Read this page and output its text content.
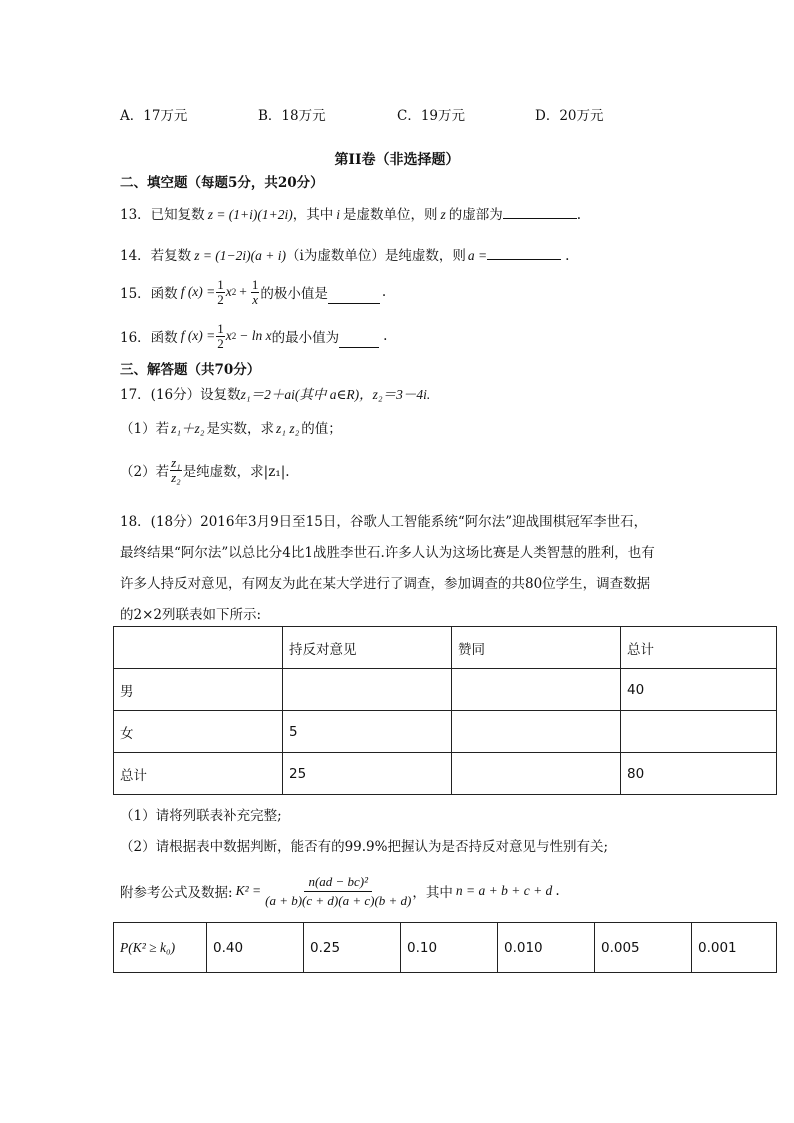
A．17万元	B．18万元	C．19万元	D．20万元
第II卷（非选择题）
二、填空题（每题5分，共20分）
13．已知复数 z = (1+i)(1+2i)，其中 i 是虚数单位，则 z 的虚部为	.
14．若复数 z = (1−2i)(a + i)（i为虚数单位）是纯虚数，则 a =	.
15．函数 f $(x) = \frac{1}{2}$ x $2 + \frac{1}{x}$ 的极小值是	.
16．函数 f $(x) = \frac{1}{2}$ x 2 − ln x 的最小值为	.
三、解答题（共70分）
17．(16分）设复数z₁＝2＋ai(其中 a∈R)，z₂＝3－4i.
（1）若 z₁＋z₂ 是实数，求 z₁ z₂ 的值；
（2）若 $\frac{\text{z₁}}{\text{z₂}}$ 是纯虚数，求|z₁|.
18．(18分）2016年3月9日至15日，谷歌人工智能系统“阿尔法”迎战围棋冠军李世石，
最终结果“阿尔法”以总比分4比1战胜李世石.许多人认为这场比赛是人类智慧的胜利，也有
许多人持反对意见，有网友为此在某大学进行了调查，参加调查的共80位学生，调查数据
的2×2列联表如下所示:
	持反对意见	赞同	总计
男			40
女	5		
总计	25		80
（1）请将列联表补充完整;
（2）请根据表中数据判断，能否有的99.9%把握认为是否持反对意见与性别有关;
附参考公式及数据: $K^2 = \frac{\text{n(ad − bc)²}}{(a + b)(c + d)(a + c)(b + d)}$ ，其中 n = a + b + c + d .
P(K² ≥ k₀)	0.40	0.25	0.10	0.010	0.005	0.001
